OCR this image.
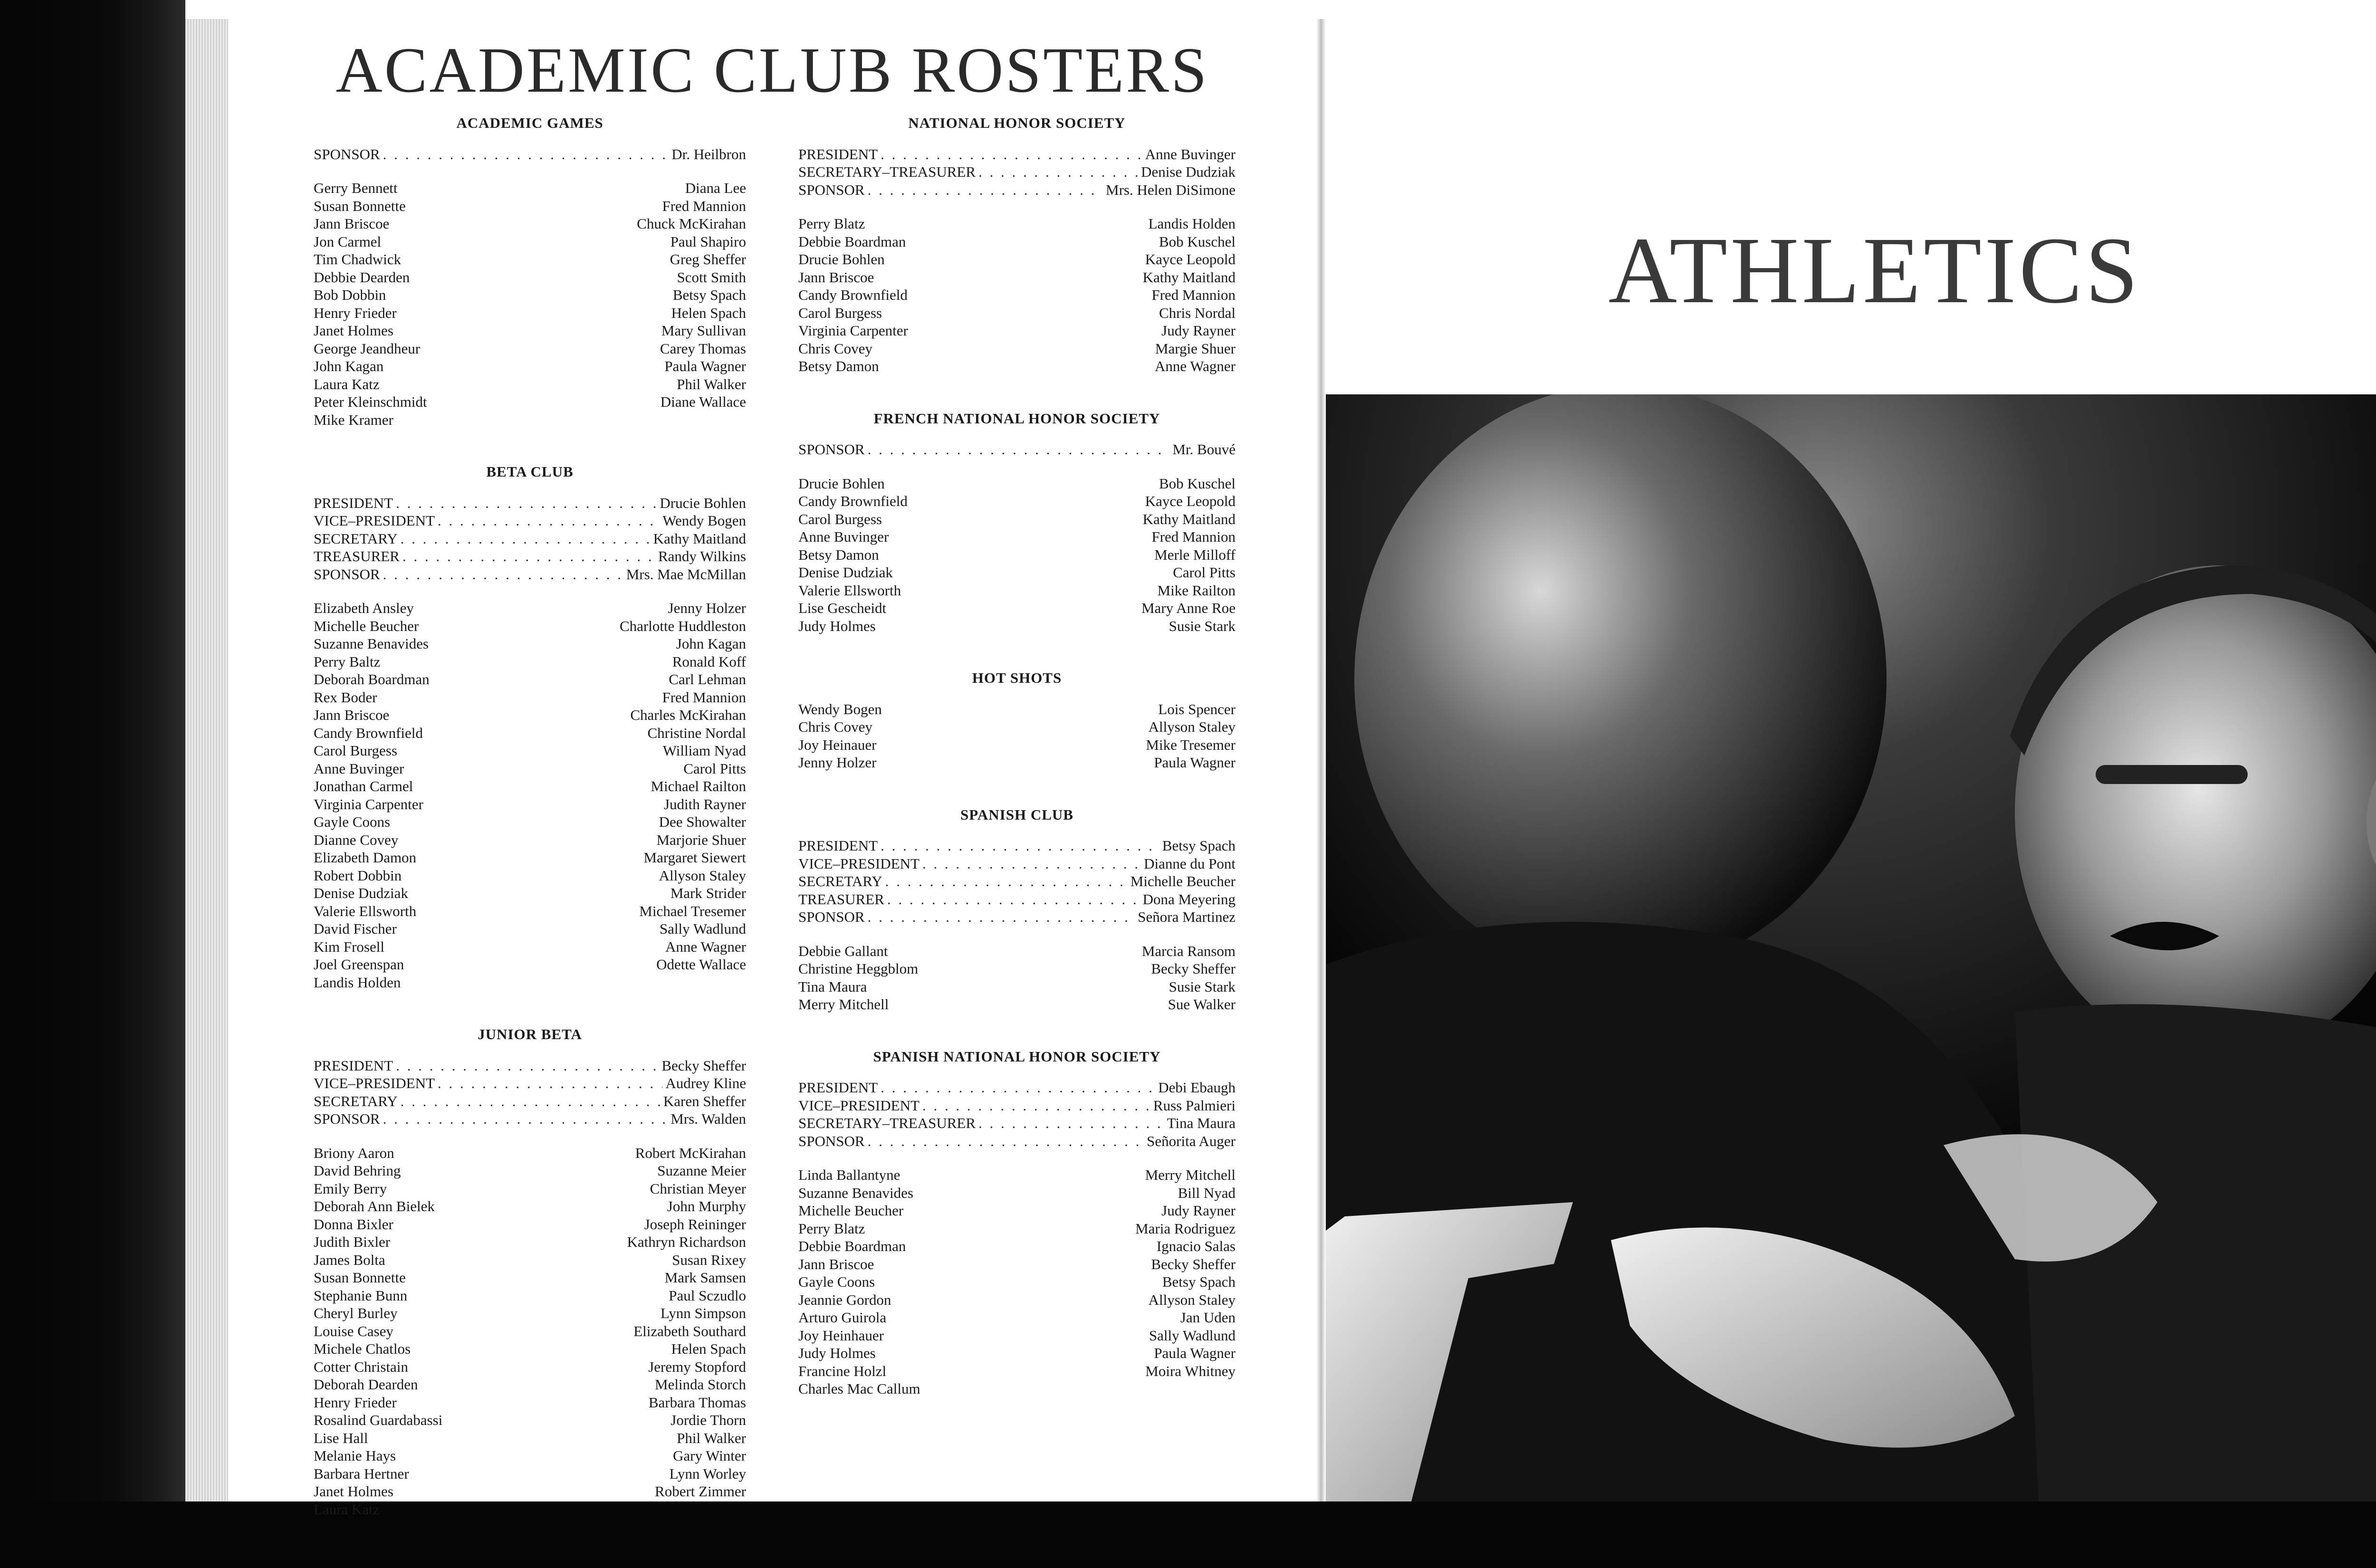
ACADEMIC CLUB ROSTERS
ACADEMIC GAMES
SPONSOR . . .	Dr. Heilbron
Gerry Bennett	Diana Lee
Susan Bonnette	Fred Mannion
Jann Briscoe	Chuck McKirahan
Jon Carmel	Paul Shapiro
Tim Chadwick	Greg Sheffer
Debbie Dearden	Scott Smith
Bob Dobbin	Betsy Spach
Henry Frieder	Helen Spach
Janet Holmes	Mary Sullivan
George Jeandheur	Carey Thomas
John Kagan	Paula Wagner
Laura Katz	Phil Walker
Peter Kleinschmidt	Diane Wallace
Mike Kramer
BETA CLUB
PRESIDENT . . .	Drucie Bohlen
VICE–PRESIDENT . . .	Wendy Bogen
SECRETARY . . .	Kathy Maitland
TREASURER . . .	Randy Wilkins
SPONSOR . . .	Mrs. Mae McMillan
Elizabeth Ansley	Jenny Holzer
Michelle Beucher	Charlotte Huddleston
Suzanne Benavides	John Kagan
Perry Baltz	Ronald Koff
Deborah Boardman	Carl Lehman
Rex Boder	Fred Mannion
Jann Briscoe	Charles McKirahan
Candy Brownfield	Christine Nordal
Carol Burgess	William Nyad
Anne Buvinger	Carol Pitts
Jonathan Carmel	Michael Railton
Virginia Carpenter	Judith Rayner
Gayle Coons	Dee Showalter
Dianne Covey	Marjorie Shuer
Elizabeth Damon	Margaret Siewert
Robert Dobbin	Allyson Staley
Denise Dudziak	Mark Strider
Valerie Ellsworth	Michael Tresemer
David Fischer	Sally Wadlund
Kim Frosell	Anne Wagner
Joel Greenspan	Odette Wallace
Landis Holden
JUNIOR BETA
PRESIDENT . . .	Becky Sheffer
VICE–PRESIDENT . . .	Audrey Kline
SECRETARY . . .	Karen Sheffer
SPONSOR . . .	Mrs. Walden
Briony Aaron	Robert McKirahan
David Behring	Suzanne Meier
Emily Berry	Christian Meyer
Deborah Ann Bielek	John Murphy
Donna Bixler	Joseph Reininger
Judith Bixler	Kathryn Richardson
James Bolta	Susan Rixey
Susan Bonnette	Mark Samsen
Stephanie Bunn	Paul Sczudlo
Cheryl Burley	Lynn Simpson
Louise Casey	Elizabeth Southard
Michele Chatlos	Helen Spach
Cotter Christain	Jeremy Stopford
Deborah Dearden	Melinda Storch
Henry Frieder	Barbara Thomas
Rosalind Guardabassi	Jordie Thorn
Lise Hall	Phil Walker
Melanie Hays	Gary Winter
Barbara Hertner	Lynn Worley
Janet Holmes	Robert Zimmer
Laura Katz
NATIONAL HONOR SOCIETY
PRESIDENT . . .	Anne Buvinger
SECRETARY–TREASURER . . .	Denise Dudziak
SPONSOR . . .	Mrs. Helen DiSimone
Perry Blatz	Landis Holden
Debbie Boardman	Bob Kuschel
Drucie Bohlen	Kayce Leopold
Jann Briscoe	Kathy Maitland
Candy Brownfield	Fred Mannion
Carol Burgess	Chris Nordal
Virginia Carpenter	Judy Rayner
Chris Covey	Margie Shuer
Betsy Damon	Anne Wagner
FRENCH NATIONAL HONOR SOCIETY
SPONSOR . . .	Mr. Bouvé
Drucie Bohlen	Bob Kuschel
Candy Brownfield	Kayce Leopold
Carol Burgess	Kathy Maitland
Anne Buvinger	Fred Mannion
Betsy Damon	Merle Milloff
Denise Dudziak	Carol Pitts
Valerie Ellsworth	Mike Railton
Lise Gescheidt	Mary Anne Roe
Judy Holmes	Susie Stark
HOT SHOTS
Wendy Bogen	Lois Spencer
Chris Covey	Allyson Staley
Joy Heinauer	Mike Tresemer
Jenny Holzer	Paula Wagner
SPANISH CLUB
PRESIDENT . . .	Betsy Spach
VICE–PRESIDENT . . .	Dianne du Pont
SECRETARY . . .	Michelle Beucher
TREASURER . . .	Dona Meyering
SPONSOR . . .	Señora Martinez
Debbie Gallant	Marcia Ransom
Christine Heggblom	Becky Sheffer
Tina Maura	Susie Stark
Merry Mitchell	Sue Walker
SPANISH NATIONAL HONOR SOCIETY
PRESIDENT . . .	Debi Ebaugh
VICE–PRESIDENT . . .	Russ Palmieri
SECRETARY–TREASURER . . .	Tina Maura
SPONSOR . . .	Señorita Auger
Linda Ballantyne	Merry Mitchell
Suzanne Benavides	Bill Nyad
Michelle Beucher	Judy Rayner
Perry Blatz	Maria Rodriguez
Debbie Boardman	Ignacio Salas
Jann Briscoe	Becky Sheffer
Gayle Coons	Betsy Spach
Jeannie Gordon	Allyson Staley
Arturo Guirola	Jan Uden
Joy Heinhauer	Sally Wadlund
Judy Holmes	Paula Wagner
Francine Holzl	Moira Whitney
Charles Mac Callum
ATHLETICS
